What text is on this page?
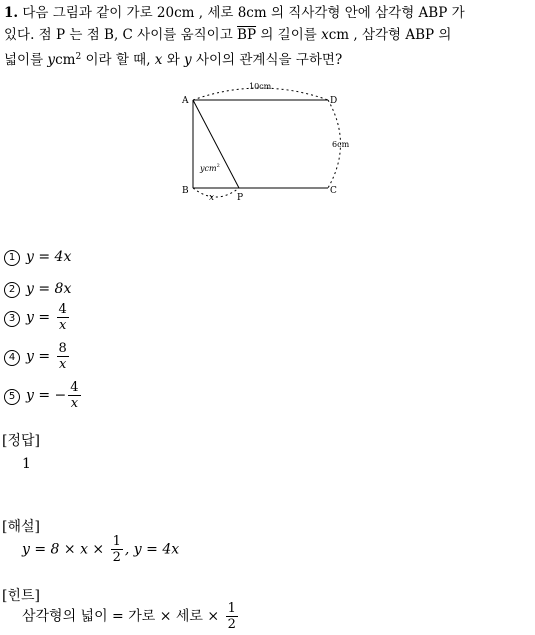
1. 다음 그림과 같이 가로 20cm , 세로 8cm 의 직사각형 안에 삼각형 ABP 가
있다. 점 P 는 점 B, C 사이를 움직이고 $\overline{BP}$ 의 길이를 xcm , 삼각형 ABP 의
넓이를 ycm$^2$ 이라 할 때, x 와 y 사이의 관계식을 구하면?
A	D
B	C
P
10cm
6cm
ycm$^2$
x
1 y = 4x
2 y = 8x
3 $y = \frac{4}{x}$
4 $y = \frac{8}{x}$
5 y = − $\frac{4}{x}$
[정답]
1
[해설]
$y = 8 \times x \times \frac{1}{2}$ , y = 4x
[힌트]
삼각형의 넓이 = 가로 × 세로 × $\frac{1}{2}$
